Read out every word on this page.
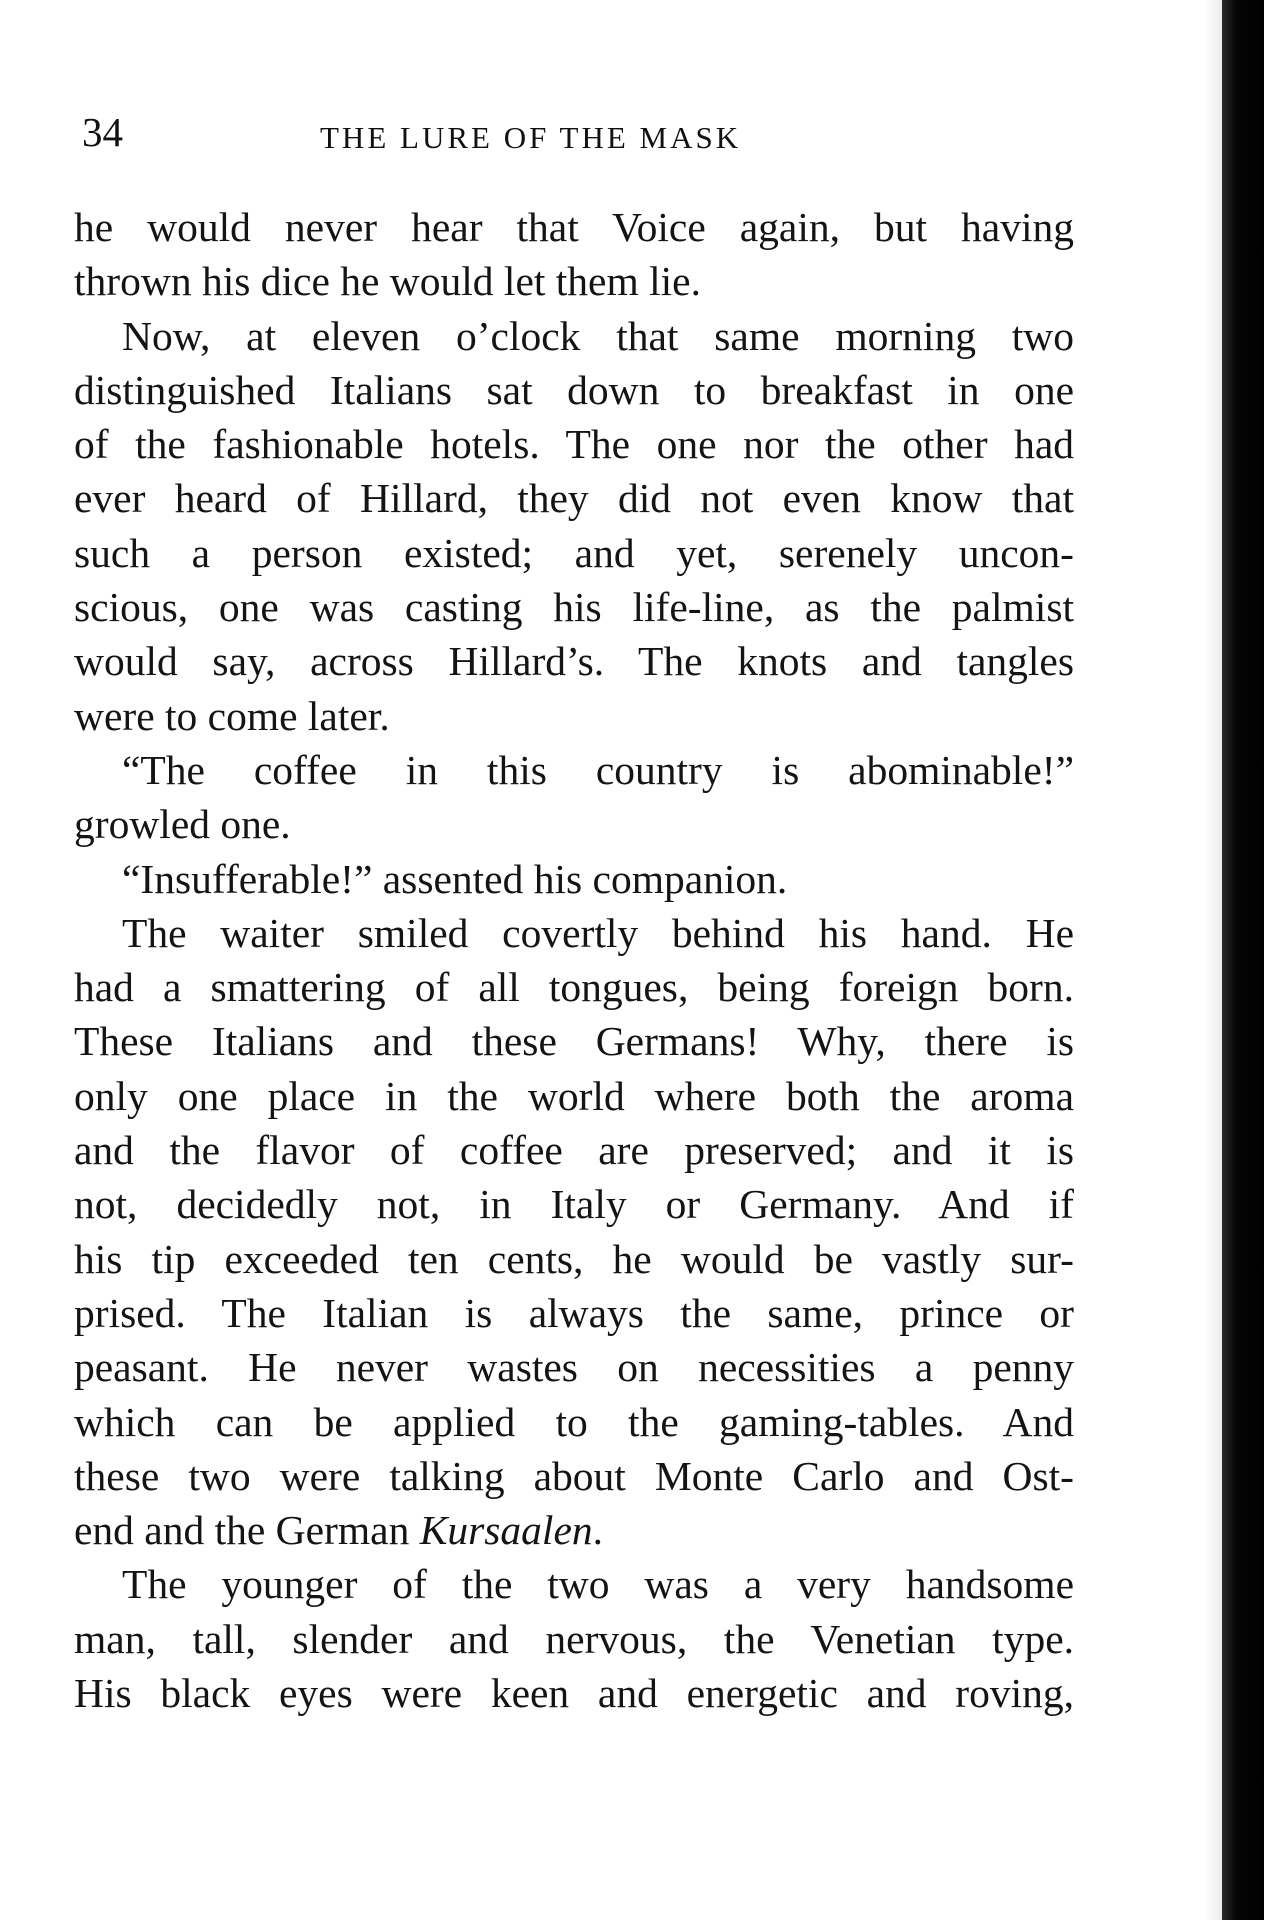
34	THE LURE OF THE MASK
he would never hear that Voice again, but having
thrown his dice he would let them lie.
Now, at eleven o’clock that same morning two
distinguished Italians sat down to breakfast in one
of the fashionable hotels. The one nor the other had
ever heard of Hillard, they did not even know that
such a person existed; and yet, serenely uncon-
scious, one was casting his life-line, as the palmist
would say, across Hillard’s. The knots and tangles
were to come later.
“The coffee in this country is abominable!”
growled one.
“Insufferable!” assented his companion.
The waiter smiled covertly behind his hand. He
had a smattering of all tongues, being foreign born.
These Italians and these Germans! Why, there is
only one place in the world where both the aroma
and the flavor of coffee are preserved; and it is
not, decidedly not, in Italy or Germany. And if
his tip exceeded ten cents, he would be vastly sur-
prised. The Italian is always the same, prince or
peasant. He never wastes on necessities a penny
which can be applied to the gaming-tables. And
these two were talking about Monte Carlo and Ost-
end and the German Kursaalen.
The younger of the two was a very handsome
man, tall, slender and nervous, the Venetian type.
His black eyes were keen and energetic and roving,
